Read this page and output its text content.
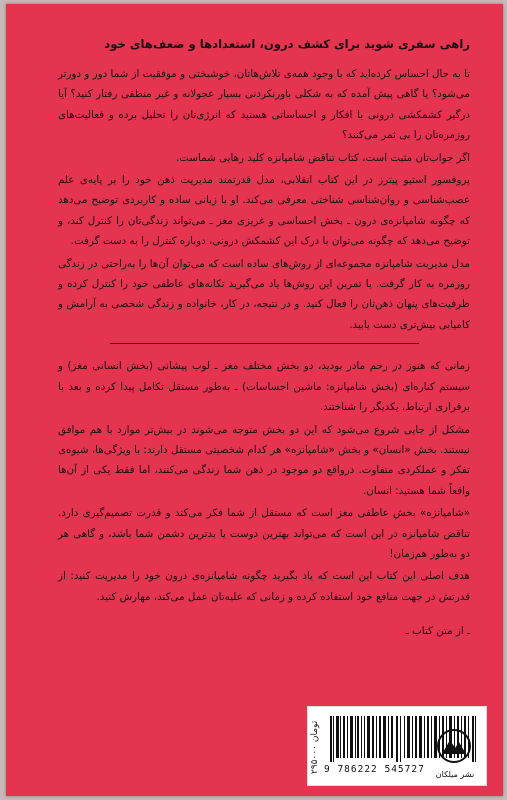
راهی سفری شوید برای کشف درون، استعدادها و ضعف‌های خود

تا به حال احساس کرده‌اید که با وجود همه‌ی تلاش‌هاتان، خوشبختی و موفقیت از شما دور و دورتر می‌شود؟ یا گاهی پیش آمده که به شکلی باورنکردنی بسیار عجولانه و غیر منطقی رفتار کنید؟ آیا درگیر کشمکشی درونی با افکار و احساساتی هستید که انرژی‌تان را تحلیل برده و فعالیت‌های روزمره‌تان را بی ثمر می‌کنند؟

اگر جواب‌تان مثبت است، کتاب تناقض شامپانزه کلید رهایی شماست.

پروفسور استیو پیترز در این کتاب انقلابی، مدل قدرتمند مدیریت ذهن خود را بر پایه‌ی علم عصب‌شناسی و روان‌شناسی شناختی معرفی می‌کند. او با زبانی ساده و کاربردی توضیح می‌دهد که چگونه شامپانزه‌ی درون ـ بخش احساسی و غریزی مغز ـ می‌تواند زندگی‌تان را کنترل کند، و توضیح می‌دهد که چگونه می‌توان با درک این کشمکش درونی، دوباره کنترل را به دست گرفت.

مدل مدیریت شامپانزه مجموعه‌ای از روش‌های ساده است که می‌توان آن‌ها را به‌راحتی در زندگی روزمره به کار گرفت. با تمرین این روش‌ها یاد می‌گیرید تکانه‌های عاطفی خود را کنترل کرده و ظرفیت‌های پنهان ذهن‌تان را فعال کنید. و در نتیجه، در کار، خانواده و زندگی شخصی به آرامش و کامیابی بیش‌تری دست یابید.

زمانی که هنوز در رحم مادر بودید، دو بخش مختلف مغز ـ لوب پیشانی (بخش انسانی مغز) و سیستم کناره‌ای (بخش شامپانزه: ماشین احساسات) ـ به‌طور مستقل تکامل پیدا کرده و بعد با برقراری ارتباط، یکدیگر را شناختند.

مشکل از جایی شروع می‌شود که این دو بخش متوجه می‌شوند در بیش‌تر موارد با هم موافق نیستند. بخش «انسان» و بخش «شامپانزه» هر کدام شخصیتی مستقل دارند: با ویژگی‌ها، شیوه‌ی تفکر و عملکردی متفاوت. درواقع دو موجود در ذهن شما زندگی می‌کنند، اما فقط یکی از آن‌ها واقعاً شما هستید: انسان.

«شامپانزه» بخش عاطفی مغز است که مستقل از شما فکر می‌کند و قدرت تصمیم‌گیری دارد. تناقض شامپانزه در این است که می‌تواند بهترین دوست یا بدترین دشمن شما باشد، و گاهی هر دو به‌طور هم‌زمان!

هدف اصلی این کتاب این است که یاد بگیرید چگونه شامپانزه‌ی درون خود را مدیریت کنید: از قدرتش در جهت منافع خود استفاده کرده و زمانی که علیه‌تان عمل می‌کند، مهارش کنید.

ـ از متن کتاب ـ

۲۹۵۰۰۰ تومان
9 786222 545727	نشر میلکان
